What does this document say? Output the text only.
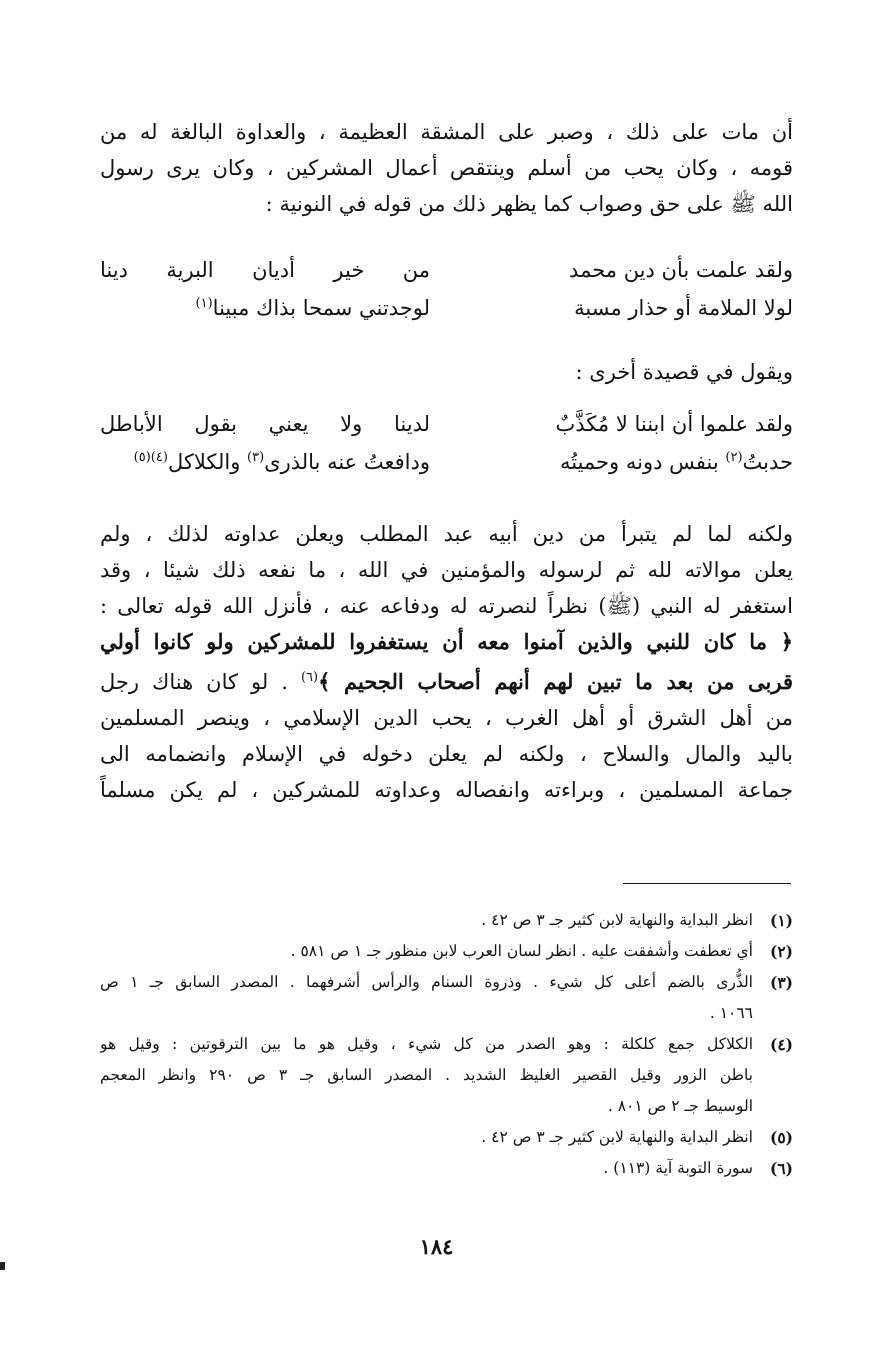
أن مات على ذلك ، وصبر على المشقة العظيمة ، والعداوة البالغة له من
قومه ، وكان يحب من أسلم وينتقص أعمال المشركين ، وكان يرى رسول
الله ﷺ على حق وصواب كما يظهر ذلك من قوله في النونية :
ولقد علمت بأن دين محمد
من خير أديان البرية دينا
لولا الملامة أو حذار مسبة
لوجدتني سمحا بذاك مبينا$^{(١)}$
ويقول في قصيدة أخرى :
ولقد علموا أن ابننا لا مُكَذَّبٌ
لدينا ولا يعني بقول الأباطل
حدبتُ$^{(٢)}$ بنفس دونه وحميتُه
ودافعتُ عنه بالذرى$^{(٣)}$ والكلاكل$^{(٤)(٥)}$
ولكنه لما لم يتبرأ من دين أبيه عبد المطلب ويعلن عداوته لذلك ، ولم
يعلن موالاته لله ثم لرسوله والمؤمنين في الله ، ما نفعه ذلك شيئا ، وقد
استغفر له النبي (ﷺ) نظراً لنصرته له ودفاعه عنه ، فأنزل الله قوله تعالى :
﴿ ما كان للنبي والذين آمنوا معه أن يستغفروا للمشركين ولو كانوا أولي
قربى من بعد ما تبين لهم أنهم أصحاب الجحيم ﴾$^{(٦)}$ . لو كان هناك رجل
من أهل الشرق أو أهل الغرب ، يحب الدين الإسلامي ، وينصر المسلمين
باليد والمال والسلاح ، ولكنه لم يعلن دخوله في الإسلام وانضمامه الى
جماعة المسلمين ، وبراءته وانفصاله وعداوته للمشركين ، لم يكن مسلماً
(١)
انظر البداية والنهاية لابن كثير جـ ٣ ص ٤٢ .
(٢)
أي تعطفت وأشفقت عليه . انظر لسان العرب لابن منظور جـ ١ ص ٥٨١ .
(٣)
الذُّرى بالضم أعلى كل شيء . وذروة السنام والرأس أشرفهما . المصدر السابق جـ ١ ص
١٠٦٦ .
(٤)
الكلاكل جمع كلكلة : وهو الصدر من كل شيء ، وقيل هو ما بين الترقوتين : وقيل هو
باطن الزور وقيل القصير الغليظ الشديد . المصدر السابق جـ ٣ ص ٢٩٠ وانظر المعجم
الوسيط جـ ٢ ص ٨٠١ .
(٥)
انظر البداية والنهاية لابن كثير جـ ٣ ص ٤٢ .
(٦)
سورة التوبة آية (١١٣) .
١٨٤
